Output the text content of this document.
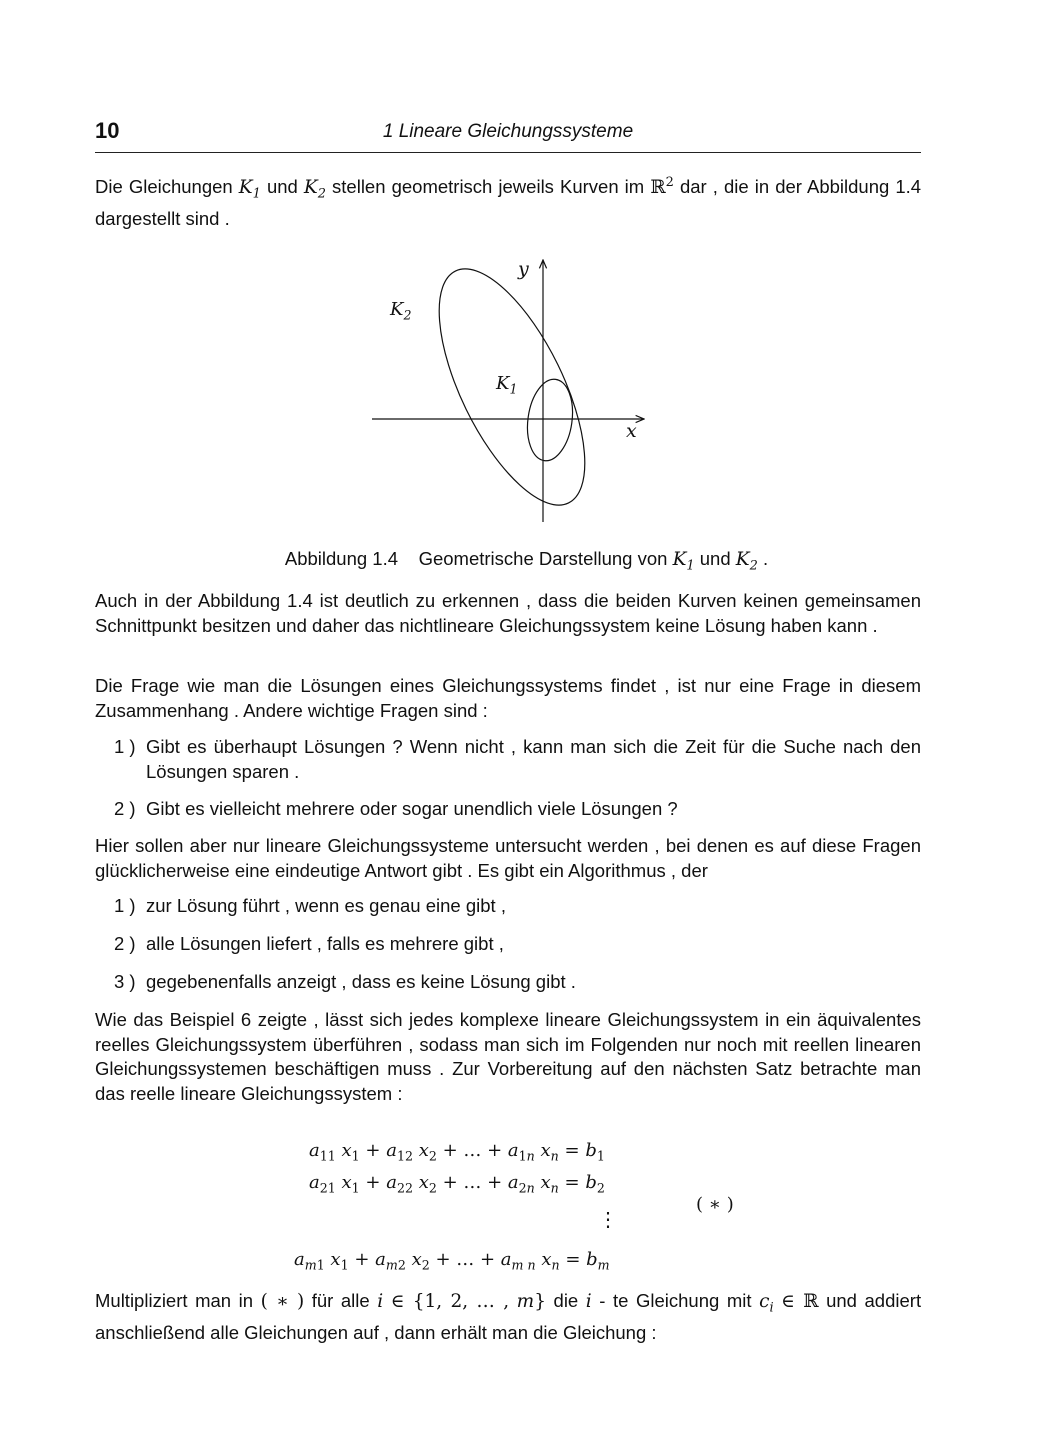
10	1 Lineare Gleichungssysteme

Die Gleichungen $K_1$ und $K_2$ stellen geometrisch jeweils Kurven im ℝ$^2$ dar , die in der Abbildung 1.4 dargestellt sind .

y
x
$K_2$
$K_1$
Abbildung 1.4 Geometrische Darstellung von $K_1$ und $K_2$ .

Auch in der Abbildung 1.4 ist deutlich zu erkennen , dass die beiden Kurven keinen gemeinsamen Schnittpunkt besitzen und daher das nichtlineare Gleichungssystem keine Lösung haben kann .

Die Frage wie man die Lösungen eines Gleichungssystems findet , ist nur eine Frage in diesem Zusammenhang . Andere wichtige Fragen sind :

1 ) Gibt es überhaupt Lösungen ? Wenn nicht , kann man sich die Zeit für die Suche nach den Lösungen sparen .
2 ) Gibt es vielleicht mehrere oder sogar unendlich viele Lösungen ?

Hier sollen aber nur lineare Gleichungssysteme untersucht werden , bei denen es auf diese Fragen glücklicherweise eine eindeutige Antwort gibt . Es gibt ein Algorithmus , der

1 ) zur Lösung führt , wenn es genau eine gibt ,
2 ) alle Lösungen liefert , falls es mehrere gibt ,
3 ) gegebenenfalls anzeigt , dass es keine Lösung gibt .

Wie das Beispiel 6 zeigte , lässt sich jedes komplexe lineare Gleichungssystem in ein äquivalentes reelles Gleichungssystem überführen , sodass man sich im Folgenden nur noch mit reellen linearen Gleichungssystemen beschäftigen muss . Zur Vorbereitung auf den nächsten Satz betrachte man das reelle lineare Gleichungssystem :

$a_{11}$ $x_1 + a_{12}$ $x_2$ + … + $a_{1n}$ $x_n = b_1$
$a_{21}$ $x_1 + a_{22}$ $x_2$ + … + $a_{2n}$ $x_n = b_2$
⋮
$a_{m1}$ $x_1 + a_{m2}$ $x_2$ + … + $a_{m n}$ $x_n = b_m$
( ∗ )

Multipliziert man in ( ∗ ) für alle i ∈ {1, 2, … , m} die i - te Gleichung mit $c_i$ ∈ ℝ und addiert anschließend alle Gleichungen auf , dann erhält man die Gleichung :
